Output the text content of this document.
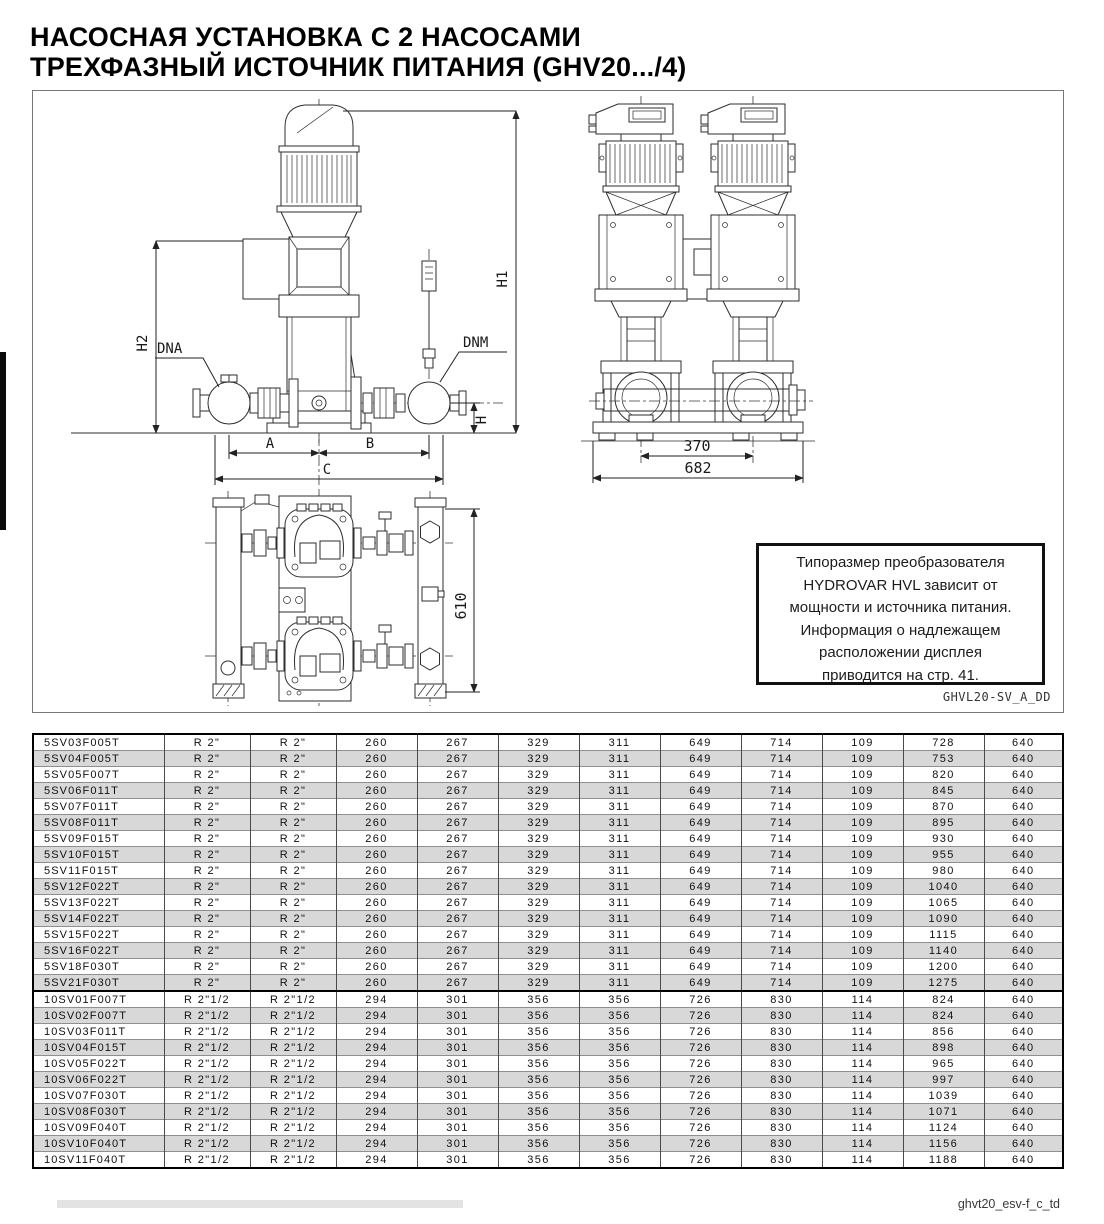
НАСОСНАЯ УСТАНОВКА С 2 НАСОСАМИ
ТРЕХФАЗНЫЙ ИСТОЧНИК ПИТАНИЯ (GHV20.../4)
H1
H2
H
DNA	DNM
A	B
C
370
682
610
Типоразмер преобразователя
HYDROVAR HVL зависит от
мощности и источника питания.
Информация о надлежащем
расположении дисплея
приводится на стр. 41.
GHVL20-SV_A_DD
5SV03F005T	R 2"	R 2"	260	267	329	311	649	714	109	728	640
5SV04F005T	R 2"	R 2"	260	267	329	311	649	714	109	753	640
5SV05F007T	R 2"	R 2"	260	267	329	311	649	714	109	820	640
5SV06F011T	R 2"	R 2"	260	267	329	311	649	714	109	845	640
5SV07F011T	R 2"	R 2"	260	267	329	311	649	714	109	870	640
5SV08F011T	R 2"	R 2"	260	267	329	311	649	714	109	895	640
5SV09F015T	R 2"	R 2"	260	267	329	311	649	714	109	930	640
5SV10F015T	R 2"	R 2"	260	267	329	311	649	714	109	955	640
5SV11F015T	R 2"	R 2"	260	267	329	311	649	714	109	980	640
5SV12F022T	R 2"	R 2"	260	267	329	311	649	714	109	1040	640
5SV13F022T	R 2"	R 2"	260	267	329	311	649	714	109	1065	640
5SV14F022T	R 2"	R 2"	260	267	329	311	649	714	109	1090	640
5SV15F022T	R 2"	R 2"	260	267	329	311	649	714	109	1115	640
5SV16F022T	R 2"	R 2"	260	267	329	311	649	714	109	1140	640
5SV18F030T	R 2"	R 2"	260	267	329	311	649	714	109	1200	640
5SV21F030T	R 2"	R 2"	260	267	329	311	649	714	109	1275	640
10SV01F007T	R 2"1/2	R 2"1/2	294	301	356	356	726	830	114	824	640
10SV02F007T	R 2"1/2	R 2"1/2	294	301	356	356	726	830	114	824	640
10SV03F011T	R 2"1/2	R 2"1/2	294	301	356	356	726	830	114	856	640
10SV04F015T	R 2"1/2	R 2"1/2	294	301	356	356	726	830	114	898	640
10SV05F022T	R 2"1/2	R 2"1/2	294	301	356	356	726	830	114	965	640
10SV06F022T	R 2"1/2	R 2"1/2	294	301	356	356	726	830	114	997	640
10SV07F030T	R 2"1/2	R 2"1/2	294	301	356	356	726	830	114	1039	640
10SV08F030T	R 2"1/2	R 2"1/2	294	301	356	356	726	830	114	1071	640
10SV09F040T	R 2"1/2	R 2"1/2	294	301	356	356	726	830	114	1124	640
10SV10F040T	R 2"1/2	R 2"1/2	294	301	356	356	726	830	114	1156	640
10SV11F040T	R 2"1/2	R 2"1/2	294	301	356	356	726	830	114	1188	640
ghvt20_esv-f_c_td
